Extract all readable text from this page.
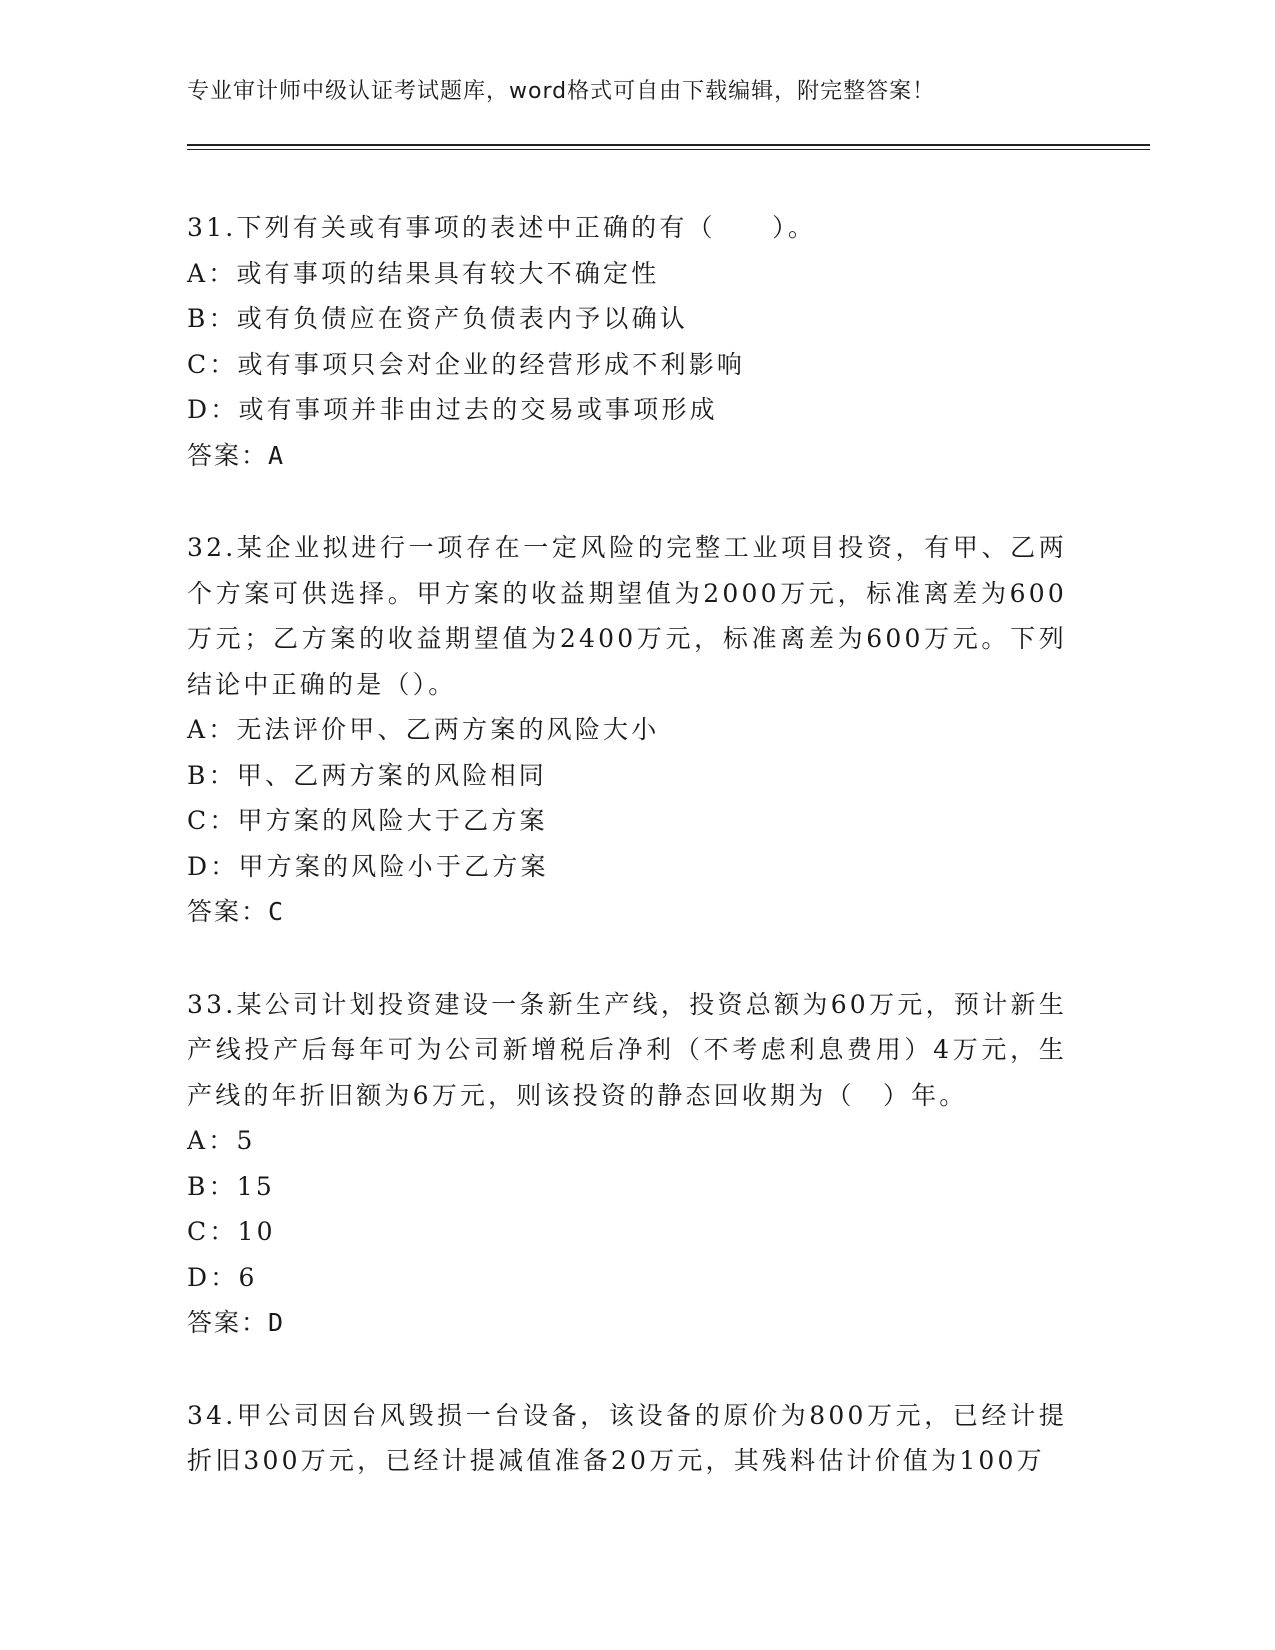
专业审计师中级认证考试题库，word格式可自由下载编辑，附完整答案！
31.下列有关或有事项的表述中正确的有（　　）。
A：或有事项的结果具有较大不确定性
B：或有负债应在资产负债表内予以确认
C：或有事项只会对企业的经营形成不利影响
D：或有事项并非由过去的交易或事项形成
答案：A
32.某企业拟进行一项存在一定风险的完整工业项目投资，有甲、乙两个方案可供选择。甲方案的收益期望值为2000万元，标准离差为600万元；乙方案的收益期望值为2400万元，标准离差为600万元。下列结论中正确的是（）。
A：无法评价甲、乙两方案的风险大小
B：甲、乙两方案的风险相同
C：甲方案的风险大于乙方案
D：甲方案的风险小于乙方案
答案：C
33.某公司计划投资建设一条新生产线，投资总额为60万元，预计新生产线投产后每年可为公司新增税后净利（不考虑利息费用）4万元，生产线的年折旧额为6万元，则该投资的静态回收期为（　）年。
A：5
B：15
C：10
D：6
答案：D
34.甲公司因台风毁损一台设备，该设备的原价为800万元，已经计提折旧300万元，已经计提减值准备20万元，其残料估计价值为100万
